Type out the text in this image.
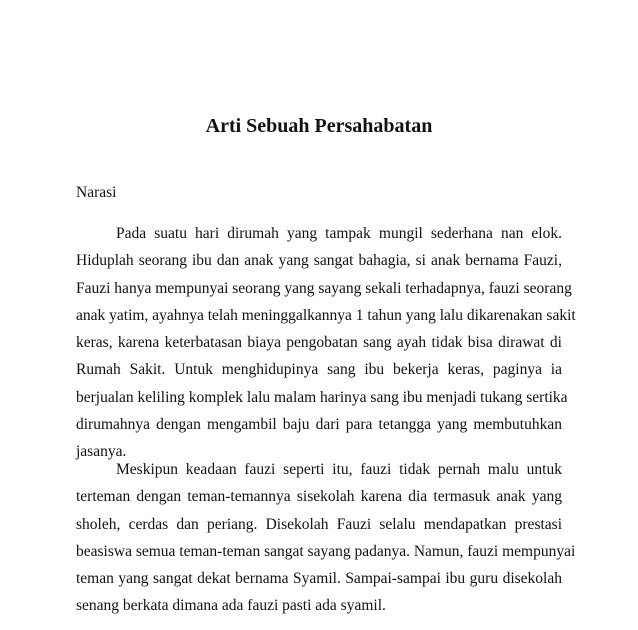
Arti Sebuah Persahabatan

Narasi

Pada suatu hari dirumah yang tampak mungil sederhana nan elok.
Hiduplah seorang ibu dan anak yang sangat bahagia, si anak bernama Fauzi,
Fauzi hanya mempunyai seorang yang sayang sekali terhadapnya, fauzi seorang
anak yatim, ayahnya telah meninggalkannya 1 tahun yang lalu dikarenakan sakit
keras, karena keterbatasan biaya pengobatan sang ayah tidak bisa dirawat di
Rumah Sakit. Untuk menghidupinya sang ibu bekerja keras, paginya ia
berjualan keliling komplek lalu malam harinya sang ibu menjadi tukang sertika
dirumahnya dengan mengambil baju dari para tetangga yang membutuhkan
jasanya.
Meskipun keadaan fauzi seperti itu, fauzi tidak pernah malu untuk
terteman dengan teman-temannya sisekolah karena dia termasuk anak yang
sholeh, cerdas dan periang. Disekolah Fauzi selalu mendapatkan prestasi
beasiswa semua teman-teman sangat sayang padanya. Namun, fauzi mempunyai
teman yang sangat dekat bernama Syamil. Sampai-sampai ibu guru disekolah
senang berkata dimana ada fauzi pasti ada syamil.
